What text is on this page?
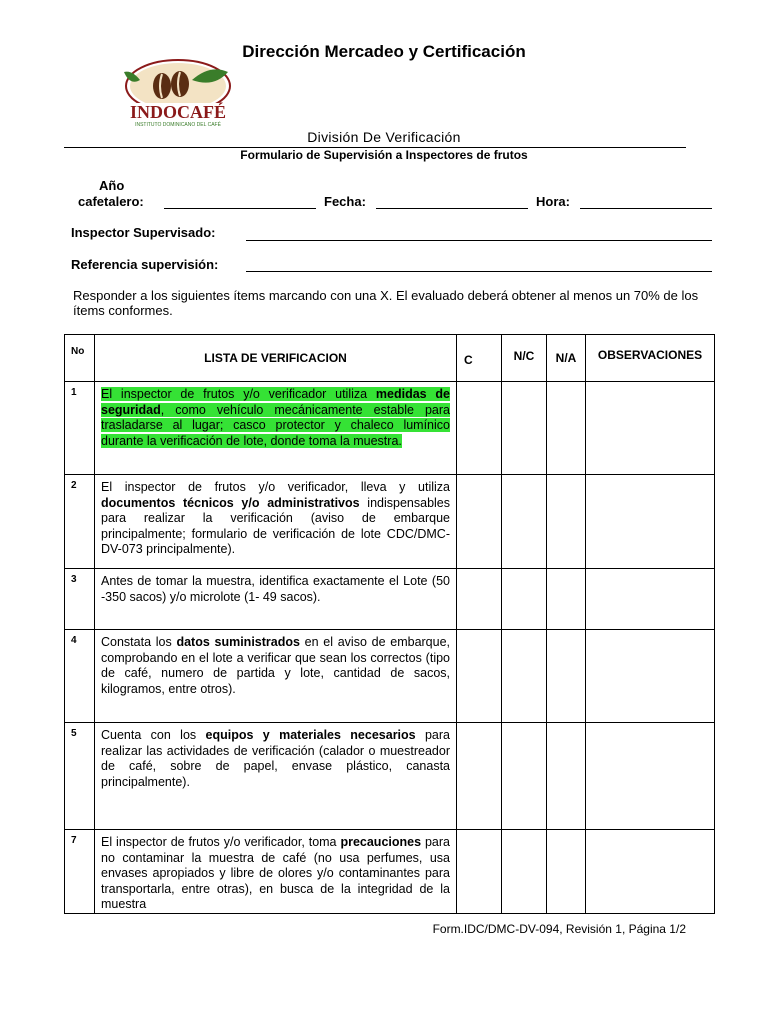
Dirección Mercadeo y Certificación
INDOCAFÉ
INSTITUTO DOMINICANO DEL CAFÉ
División De Verificación
Formulario de Supervisión a Inspectores de frutos
Año
cafetalero:	Fecha:	Hora:
Inspector Supervisado:
Referencia supervisión:
Responder a los siguientes ítems marcando con una X. El evaluado deberá obtener al menos un 70% de los ítems conformes.
No	LISTA DE VERIFICACION	C	N/C	N/A	OBSERVACIONES
1	El inspector de frutos y/o verificador utiliza medidas de seguridad, como vehículo mecánicamente estable para trasladarse al lugar; casco protector y chaleco lumínico durante la verificación de lote, donde toma la muestra.				
2	El inspector de frutos y/o verificador, lleva y utiliza documentos técnicos y/o administrativos indispensables para realizar la verificación (aviso de embarque principalmente; formulario de verificación de lote CDC/DMC-DV-073 principalmente).				
3	Antes de tomar la muestra, identifica exactamente el Lote (50 -350 sacos) y/o microlote (1- 49 sacos).				
4	Constata los datos suministrados en el aviso de embarque, comprobando en el lote a verificar que sean los correctos (tipo de café, numero de partida y lote, cantidad de sacos, kilogramos, entre otros).				
5	Cuenta con los equipos y materiales necesarios para realizar las actividades de verificación (calador o muestreador de café, sobre de papel, envase plástico, canasta principalmente).				
7	El inspector de frutos y/o verificador, toma precauciones para no contaminar la muestra de café (no usa perfumes, usa envases apropiados y libre de olores y/o contaminantes para transportarla, entre otras), en busca de la integridad de la muestra				
Form.IDC/DMC-DV-094, Revisión 1, Página 1/2
